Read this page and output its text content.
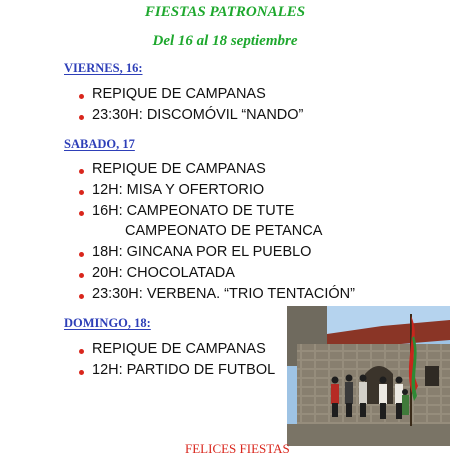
FIESTAS PATRONALES
Del 16 al 18 septiembre
VIERNES, 16:
REPIQUE DE CAMPANAS
23:30H: DISCOMÓVIL “NANDO”
SABADO, 17
REPIQUE DE CAMPANAS
12H: MISA Y OFERTORIO
16H: CAMPEONATO DE TUTE
CAMPEONATO DE PETANCA
18H: GINCANA POR EL PUEBLO
20H: CHOCOLATADA
23:30H: VERBENA. “TRIO TENTACIÓN”
DOMINGO, 18:
REPIQUE DE CAMPANAS
12H: PARTIDO DE FUTBOL
FELICES FIESTAS
